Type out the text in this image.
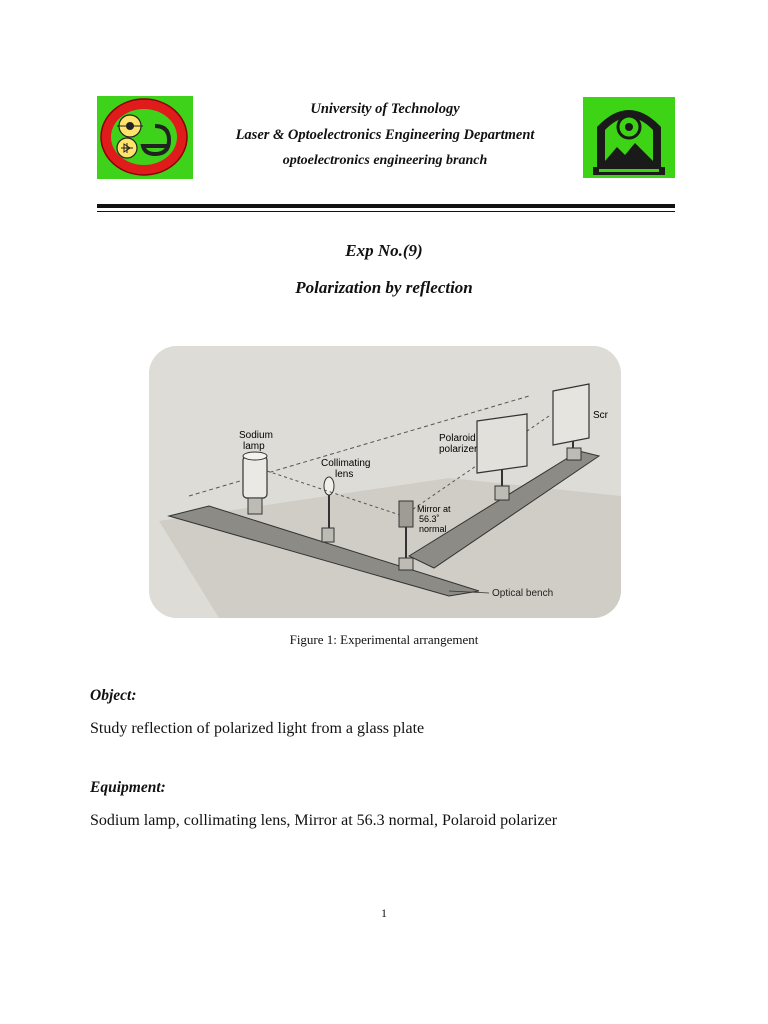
University of Technology

Laser & Optoelectronics Engineering Department

optoelectronics engineering branch

Exp No.(9)
Polarization by reflection
Optical bench
Sodium
lamp
Collimating
lens
Mirror at
56.3˚
normal
Polaroid
polarizer
Scr
Figure 1: Experimental arrangement
Object:
Study reflection of polarized light from a glass plate
Equipment:
Sodium lamp, collimating lens, Mirror at 56.3 normal, Polaroid polarizer
1
